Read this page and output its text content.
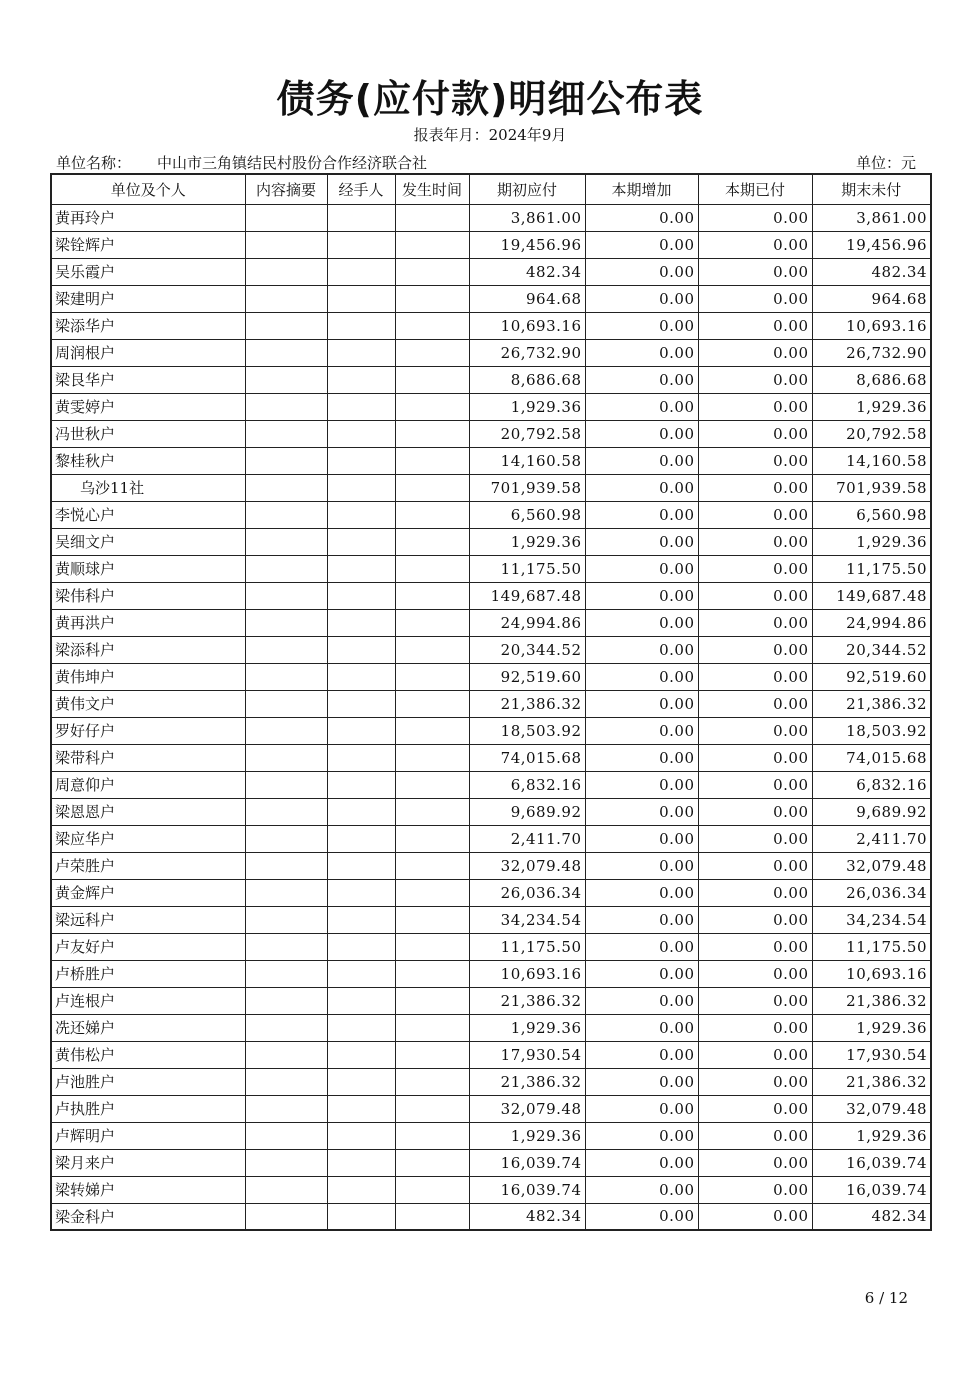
债务(应付款)明细公布表
报表年月：2024年9月
单位名称： 中山市三角镇结民村股份合作经济联合社	单位：元
单位及个人	内容摘要	经手人	发生时间	期初应付	本期增加	本期已付	期末未付
黄再玲户				3,861.00	0.00	0.00	3,861.00
梁铨辉户				19,456.96	0.00	0.00	19,456.96
吴乐霞户				482.34	0.00	0.00	482.34
梁建明户				964.68	0.00	0.00	964.68
梁添华户				10,693.16	0.00	0.00	10,693.16
周润根户				26,732.90	0.00	0.00	26,732.90
梁艮华户				8,686.68	0.00	0.00	8,686.68
黄雯婷户				1,929.36	0.00	0.00	1,929.36
冯世秋户				20,792.58	0.00	0.00	20,792.58
黎桂秋户				14,160.58	0.00	0.00	14,160.58
乌沙11社				701,939.58	0.00	0.00	701,939.58
李悦心户				6,560.98	0.00	0.00	6,560.98
吴细文户				1,929.36	0.00	0.00	1,929.36
黄顺球户				11,175.50	0.00	0.00	11,175.50
梁伟科户				149,687.48	0.00	0.00	149,687.48
黄再洪户				24,994.86	0.00	0.00	24,994.86
梁添科户				20,344.52	0.00	0.00	20,344.52
黄伟坤户				92,519.60	0.00	0.00	92,519.60
黄伟文户				21,386.32	0.00	0.00	21,386.32
罗好仔户				18,503.92	0.00	0.00	18,503.92
梁带科户				74,015.68	0.00	0.00	74,015.68
周意仰户				6,832.16	0.00	0.00	6,832.16
梁恩恩户				9,689.92	0.00	0.00	9,689.92
梁应华户				2,411.70	0.00	0.00	2,411.70
卢荣胜户				32,079.48	0.00	0.00	32,079.48
黄金辉户				26,036.34	0.00	0.00	26,036.34
梁远科户				34,234.54	0.00	0.00	34,234.54
卢友好户				11,175.50	0.00	0.00	11,175.50
卢桥胜户				10,693.16	0.00	0.00	10,693.16
卢连根户				21,386.32	0.00	0.00	21,386.32
冼还娣户				1,929.36	0.00	0.00	1,929.36
黄伟松户				17,930.54	0.00	0.00	17,930.54
卢池胜户				21,386.32	0.00	0.00	21,386.32
卢执胜户				32,079.48	0.00	0.00	32,079.48
卢辉明户				1,929.36	0.00	0.00	1,929.36
梁月来户				16,039.74	0.00	0.00	16,039.74
梁转娣户				16,039.74	0.00	0.00	16,039.74
梁金科户				482.34	0.00	0.00	482.34
6 / 12
